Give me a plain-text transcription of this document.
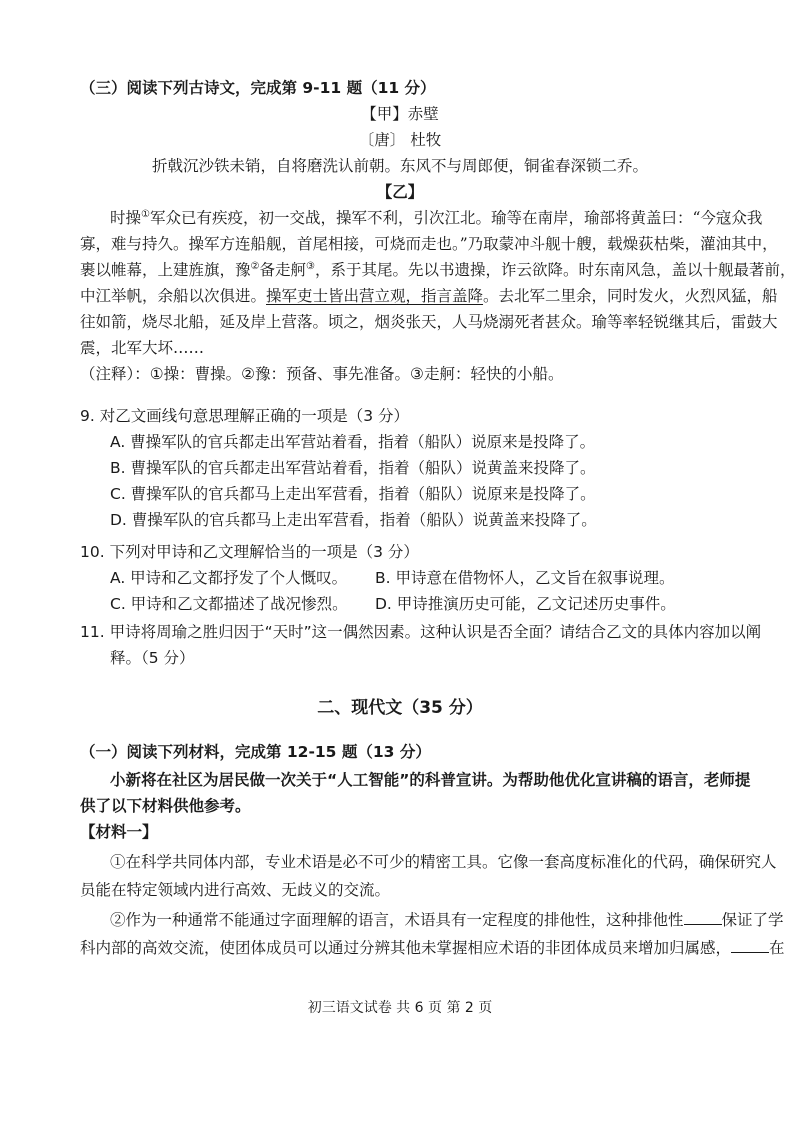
（三）阅读下列古诗文，完成第 9-11 题（11 分）
【甲】赤壁
〔唐〕 杜牧
折戟沉沙铁未销，自将磨洗认前朝。东风不与周郎便，铜雀春深锁二乔。
【乙】
时操①军众已有疾疫，初一交战，操军不利，引次江北。瑜等在南岸，瑜部将黄盖曰：“今寇众我
寡，难与持久。操军方连船舰，首尾相接，可烧而走也。”乃取蒙冲斗舰十艘，载燥荻枯柴，灌油其中，
裹以帷幕，上建旌旗，豫②备走舸③，系于其尾。先以书遗操，诈云欲降。时东南风急，盖以十舰最著前，
中江举帆，余船以次俱进。操军吏士皆出营立观，指言盖降。去北军二里余，同时发火，火烈风猛，船
往如箭，烧尽北船，延及岸上营落。顷之，烟炎张天，人马烧溺死者甚众。瑜等率轻锐继其后，雷鼓大
震，北军大坏……
（注释）：①操：曹操。②豫：预备、事先准备。③走舸：轻快的小船。
9. 对乙文画线句意思理解正确的一项是（3 分）
A. 曹操军队的官兵都走出军营站着看，指着（船队）说原来是投降了。
B. 曹操军队的官兵都走出军营站着看，指着（船队）说黄盖来投降了。
C. 曹操军队的官兵都马上走出军营看，指着（船队）说原来是投降了。
D. 曹操军队的官兵都马上走出军营看，指着（船队）说黄盖来投降了。
10. 下列对甲诗和乙文理解恰当的一项是（3 分）
A. 甲诗和乙文都抒发了个人慨叹。	B. 甲诗意在借物怀人，乙文旨在叙事说理。
C. 甲诗和乙文都描述了战况惨烈。	D. 甲诗推演历史可能，乙文记述历史事件。
11. 甲诗将周瑜之胜归因于“天时”这一偶然因素。这种认识是否全面？请结合乙文的具体内容加以阐
释。（5 分）
二、现代文（35 分）
（一）阅读下列材料，完成第 12-15 题（13 分）
小新将在社区为居民做一次关于“人工智能”的科普宣讲。为帮助他优化宣讲稿的语言，老师提
供了以下材料供他参考。
【材料一】
①在科学共同体内部，专业术语是必不可少的精密工具。它像一套高度标准化的代码，确保研究人
员能在特定领域内进行高效、无歧义的交流。
②作为一种通常不能通过字面理解的语言，术语具有一定程度的排他性，这种排他性 保证了学
科内部的高效交流，使团体成员可以通过分辨其他未掌握相应术语的非团体成员来增加归属感， 在
初三语文试卷 共 6 页 第 2 页
